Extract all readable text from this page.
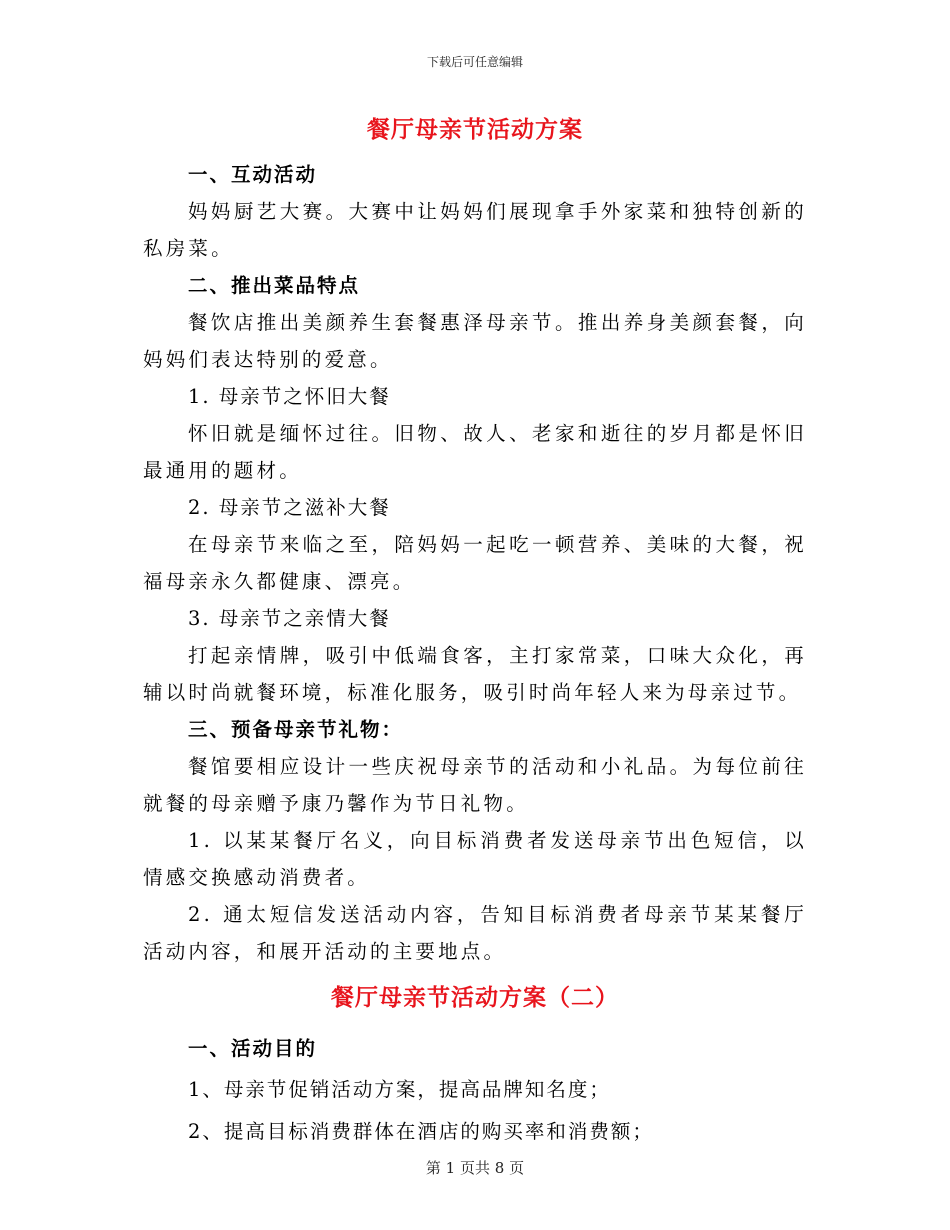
下载后可任意编辑
餐厅母亲节活动方案
一、互动活动
妈妈厨艺大赛。大赛中让妈妈们展现拿手外家菜和独特创新的私房菜。
二、推出菜品特点
餐饮店推出美颜养生套餐惠泽母亲节。推出养身美颜套餐，向妈妈们表达特别的爱意。
1. 母亲节之怀旧大餐
怀旧就是缅怀过往。旧物、故人、老家和逝往的岁月都是怀旧最通用的题材。
2. 母亲节之滋补大餐
在母亲节来临之至，陪妈妈一起吃一顿营养、美味的大餐，祝福母亲永久都健康、漂亮。
3. 母亲节之亲情大餐
打起亲情牌，吸引中低端食客，主打家常菜，口味大众化，再辅以时尚就餐环境，标准化服务，吸引时尚年轻人来为母亲过节。
三、预备母亲节礼物：
餐馆要相应设计一些庆祝母亲节的活动和小礼品。为每位前往就餐的母亲赠予康乃馨作为节日礼物。
1. 以某某餐厅名义，向目标消费者发送母亲节出色短信，以情感交换感动消费者。
2. 通太短信发送活动内容，告知目标消费者母亲节某某餐厅活动内容，和展开活动的主要地点。
餐厅母亲节活动方案（二）
一、活动目的
1、母亲节促销活动方案，提高品牌知名度；
2、提高目标消费群体在酒店的购买率和消费额；
第 1 页共 8 页
